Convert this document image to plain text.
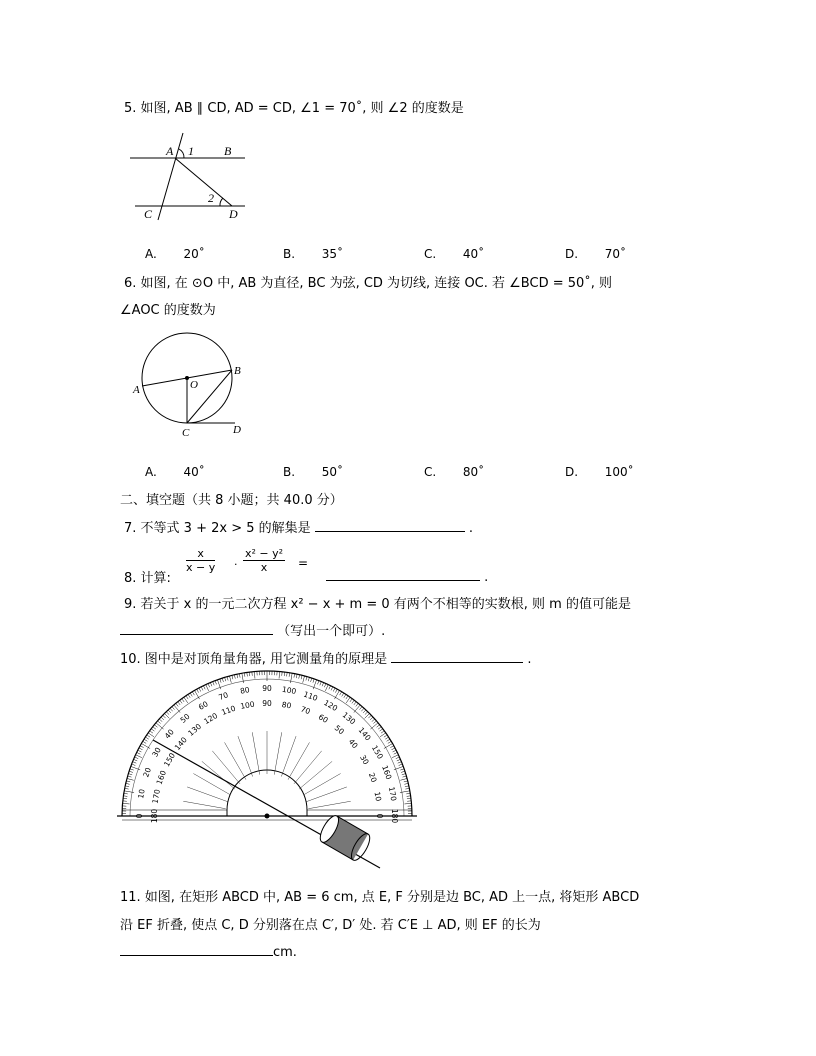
5. 如图, AB ∥ CD, AD = CD, ∠1 = 70˚, 则 ∠2 的度数是
A 1	B
C
2
D
A. 20˚	B. 35˚	C. 40˚	D. 70˚
6. 如图, 在 ⊙O 中, AB 为直径, BC 为弦, CD 为切线, 连接 OC. 若 ∠BCD = 50˚, 则
∠AOC 的度数为
A	O
B
C	D
A. 40˚	B. 50˚	C. 80˚	D. 100˚
二、填空题（共 8 小题；共 40.0 分）
7. 不等式 3 + 2x > 5 的解集是	.
8. 计算:
$\frac{x}{x - y} \cdot \frac{\text{x² − y²}}{x}$ =
.
9. 若关于 x 的一元二次方程 x² − x + m = 0 有两个不相等的实数根, 则 m 的值可能是
（写出一个即可）.
10. 图中是对顶角量角器, 用它测量角的原理是	.
0
10
20
30
40
50
60
70 80 90 100 110
120
130
140
150
160
170
180
180
170
160
150
140
130
120
110 100 90 80 70
60
50
40
30
20
10
0
11. 如图, 在矩形 ABCD 中, AB = 6 cm, 点 E, F 分别是边 BC, AD 上一点, 将矩形 ABCD
沿 EF 折叠, 使点 C, D 分别落在点 C′, D′ 处. 若 C′E ⊥ AD, 则 EF 的长为
cm.
